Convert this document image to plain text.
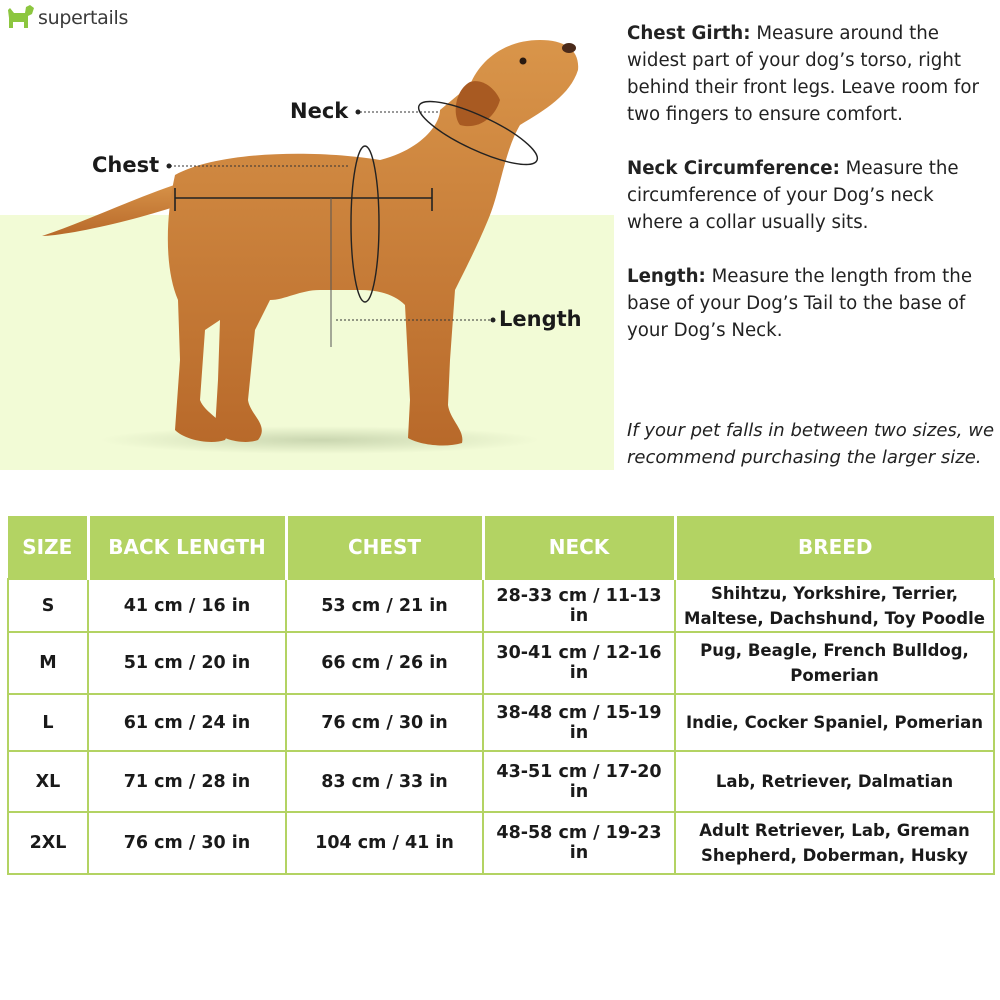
supertails
Neck
Chest
Length

Chest Girth: Measure around the widest part of your dog’s torso, right behind their front legs. Leave room for two fingers to ensure comfort.

Neck Circumference: Measure the circumference of your Dog’s neck where a collar usually sits.

Length: Measure the length from the base of your Dog’s Tail to the base of your Dog’s Neck.

If your pet falls in between two sizes, we recommend purchasing the larger size.
SIZE	BACK LENGTH	CHEST	NECK	BREED
S	41 cm / 16 in	53 cm / 21 in	28-33 cm / 11-13 in	Shihtzu, Yorkshire, Terrier, Maltese, Dachshund, Toy Poodle
M	51 cm / 20 in	66 cm / 26 in	30-41 cm / 12-16 in	Pug, Beagle, French Bulldog, Pomerian
L	61 cm / 24 in	76 cm / 30 in	38-48 cm / 15-19 in	Indie, Cocker Spaniel, Pomerian
XL	71 cm / 28 in	83 cm / 33 in	43-51 cm / 17-20 in	Lab, Retriever, Dalmatian
2XL	76 cm / 30 in	104 cm / 41 in	48-58 cm / 19-23 in	Adult Retriever, Lab, Greman Shepherd, Doberman, Husky
